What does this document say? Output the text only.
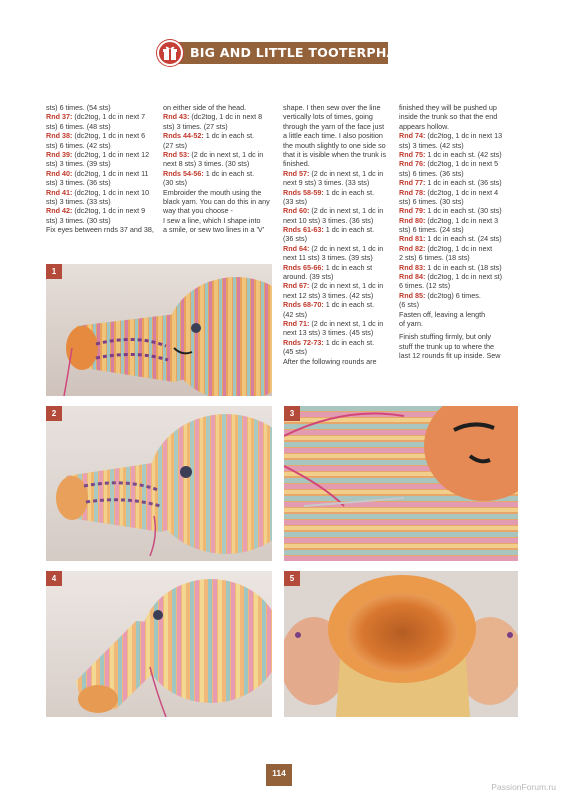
BIG AND LITTLE TOOTERPHANTS
sts) 6 times. (54 sts)
Rnd 37: (dc2tog, 1 dc in next 7
sts) 6 times. (48 sts)
Rnd 38: (dc2tog, 1 dc in next 6
sts) 6 times. (42 sts)
Rnd 39: (dc2tog, 1 dc in next 12
sts) 3 times. (39 sts)
Rnd 40: (dc2tog, 1 dc in next 11
sts) 3 times. (36 sts)
Rnd 41: (dc2tog, 1 dc in next 10
sts) 3 times. (33 sts)
Rnd 42: (dc2tog, 1 dc in next 9
sts) 3 times. (30 sts)
Fix eyes between rnds 37 and 38,
on either side of the head.
Rnd 43: (dc2tog, 1 dc in next 8
sts) 3 times. (27 sts)
Rnds 44-52: 1 dc in each st.
(27 sts)
Rnd 53: (2 dc in next st, 1 dc in
next 8 sts) 3 times. (30 sts)
Rnds 54-56: 1 dc in each st.
(30 sts)
Embroider the mouth using the
black yarn. You can do this in any
way that you choose -
I sew a line, which I shape into
a smile, or sew two lines in a 'V'
shape. I then sew over the line
vertically lots of times, going
through the yarn of the face just
a little each time. I also position
the mouth slightly to one side so
that it is visible when the trunk is
finished.
Rnd 57: (2 dc in next st, 1 dc in
next 9 sts) 3 times. (33 sts)
Rnds 58-59: 1 dc in each st.
(33 sts)
Rnd 60: (2 dc in next st, 1 dc in
next 10 sts) 3 times. (36 sts)
Rnds 61-63: 1 dc in each st.
(36 sts)
Rnd 64: (2 dc in next st, 1 dc in
next 11 sts) 3 times. (39 sts)
Rnds 65-66: 1 dc in each st
around. (39 sts)
Rnd 67: (2 dc in next st, 1 dc in
next 12 sts) 3 times. (42 sts)
Rnds 68-70: 1 dc in each st.
(42 sts)
Rnd 71: (2 dc in next st, 1 dc in
next 13 sts) 3 times. (45 sts)
Rnds 72-73: 1 dc in each st.
(45 sts)
After the following rounds are
finished they will be pushed up
inside the trunk so that the end
appears hollow.
Rnd 74: (dc2tog, 1 dc in next 13
sts) 3 times. (42 sts)
Rnd 75: 1 dc in each st. (42 sts)
Rnd 76: (dc2tog, 1 dc in next 5
sts) 6 times. (36 sts)
Rnd 77: 1 dc in each st. (36 sts)
Rnd 78: (dc2tog, 1 dc in next 4
sts) 6 times. (30 sts)
Rnd 79: 1 dc in each st. (30 sts)
Rnd 80: (dc2tog, 1 dc in next 3
sts) 6 times. (24 sts)
Rnd 81: 1 dc in each st. (24 sts)
Rnd 82: (dc2tog, 1 dc in next
2 sts) 6 times. (18 sts)
Rnd 83: 1 dc in each st. (18 sts)
Rnd 84: (dc2tog, 1 dc in next st)
6 times. (12 sts)
Rnd 85: (dc2tog) 6 times.
(6 sts)
Fasten off, leaving a length
of yarn.
Finish stuffing firmly, but only
stuff the trunk up to where the
last 12 rounds fit up inside. Sew
1
2	3
4	5
114
PassionForum.ru
